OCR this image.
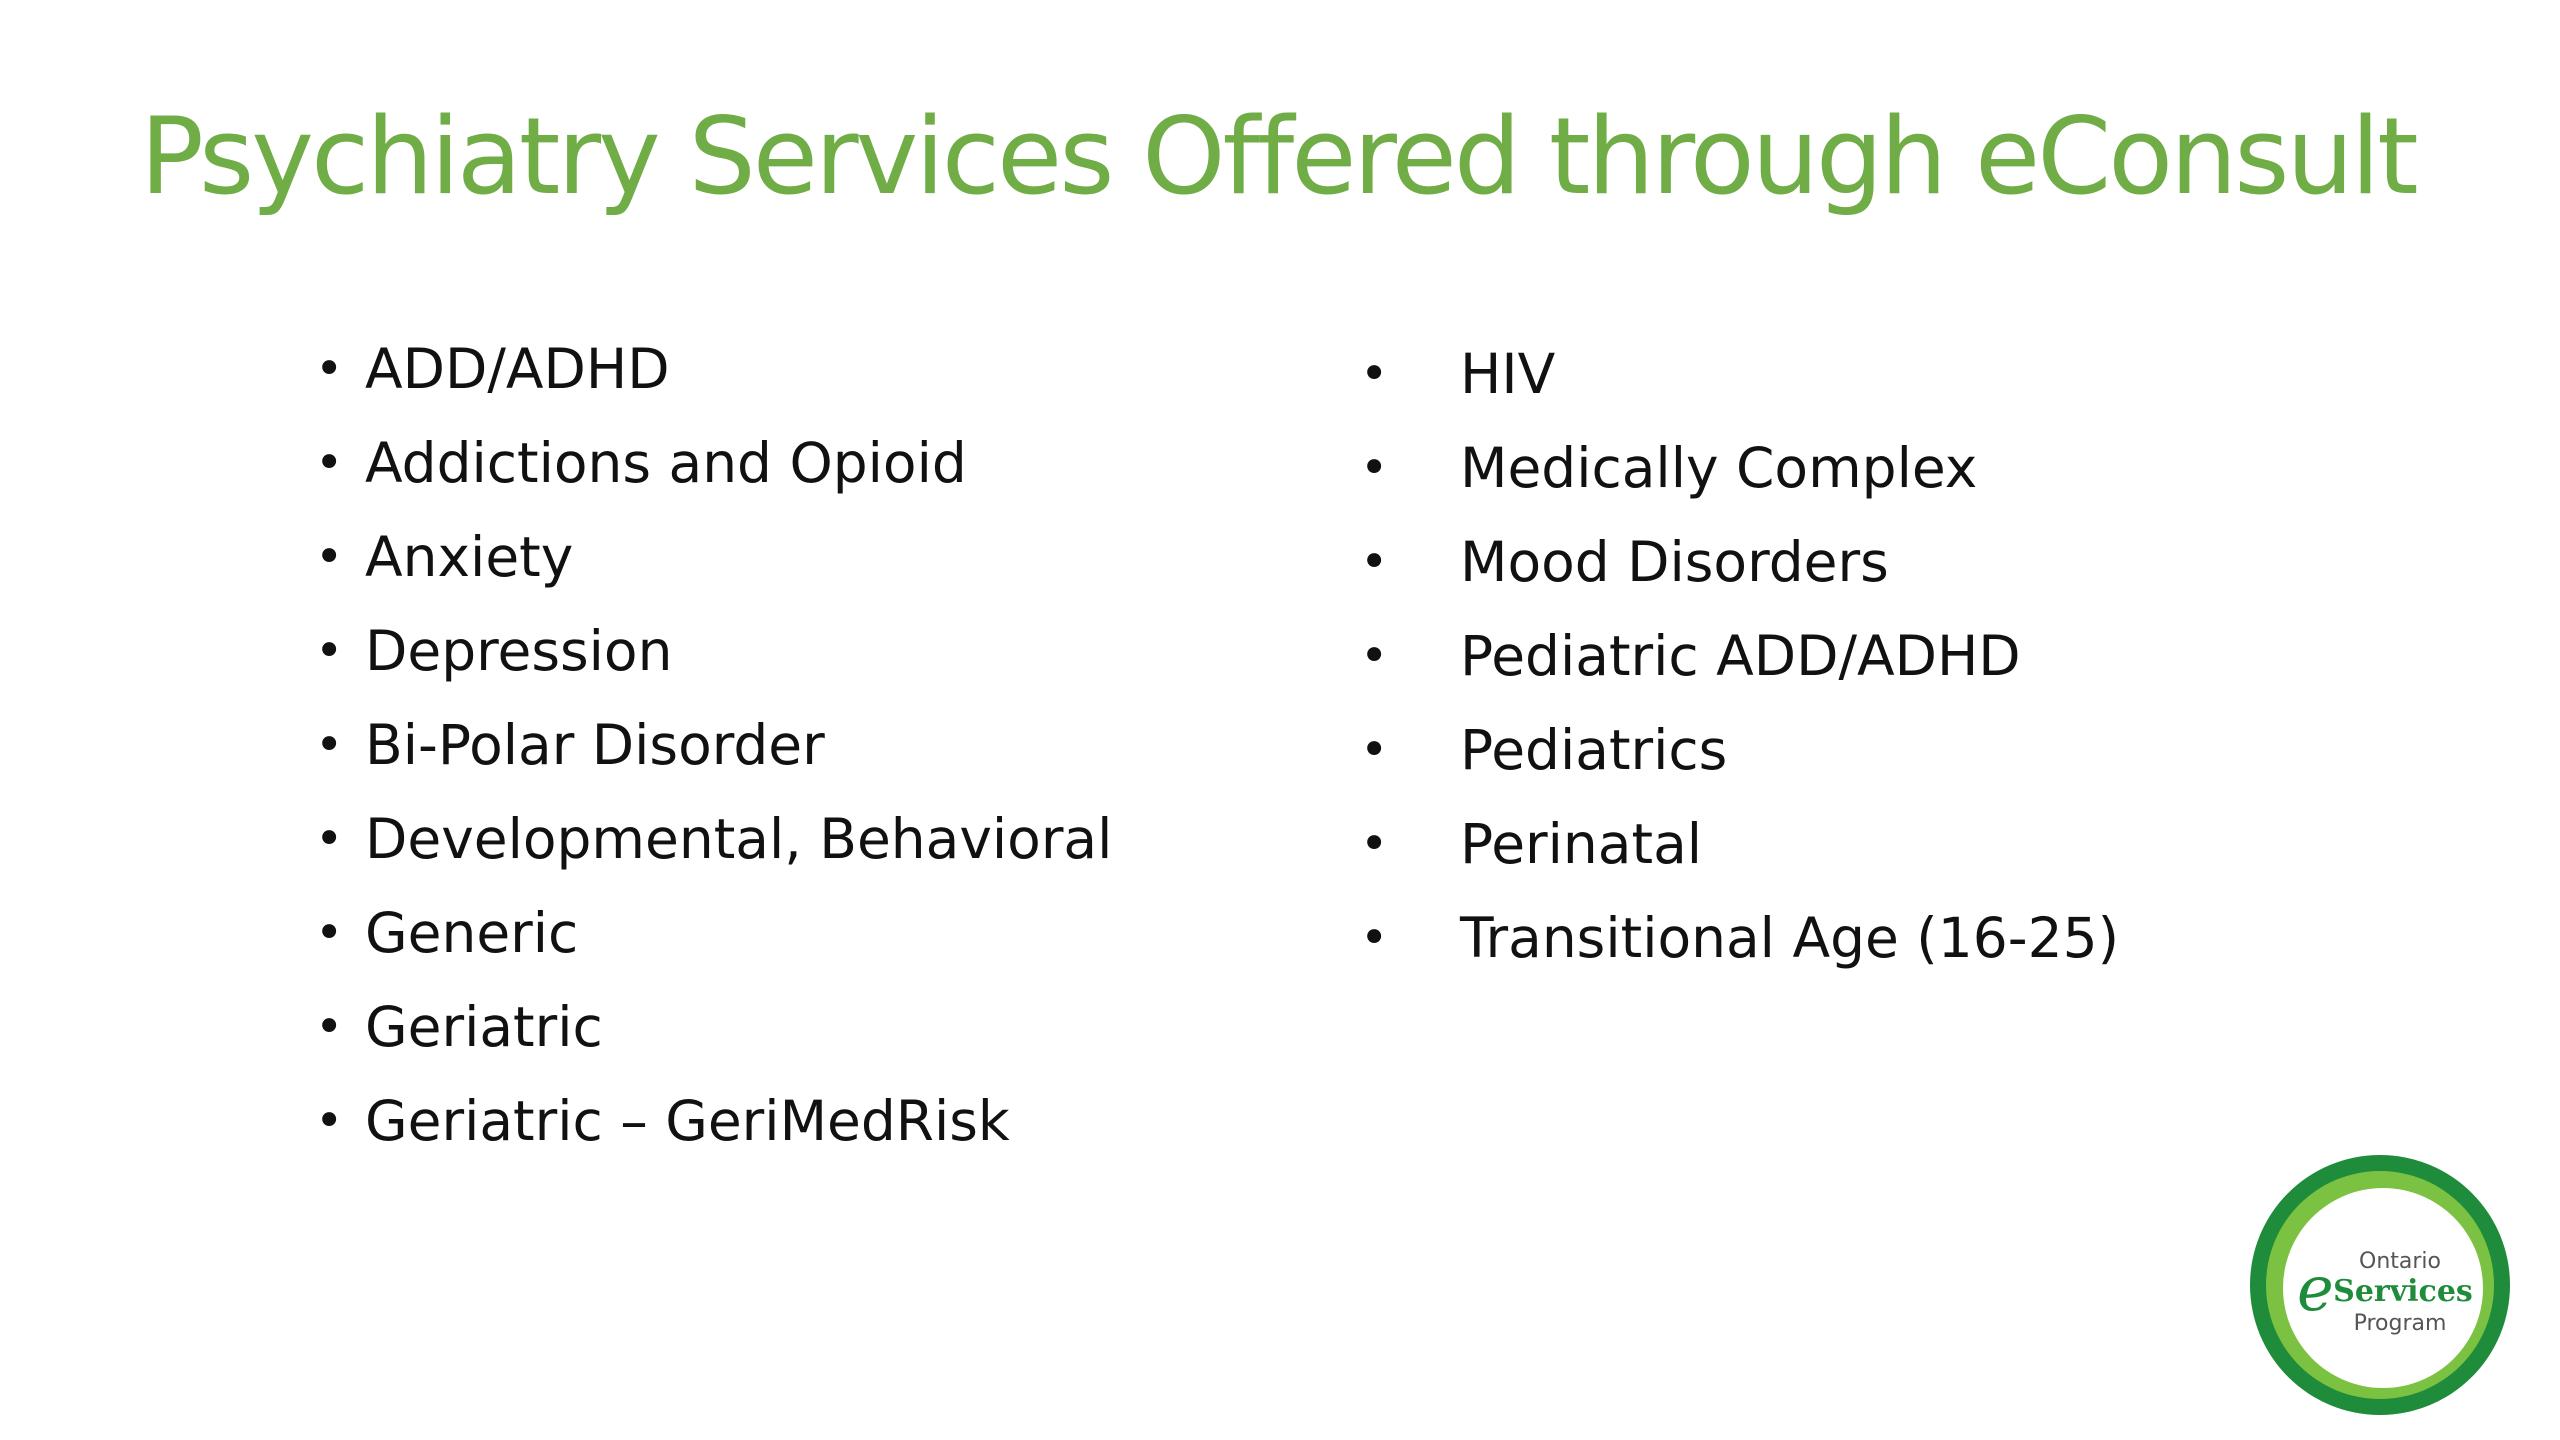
Psychiatry Services Offered through eConsult
• ADD/ADHD
• Addictions and Opioid
• Anxiety
• Depression
• Bi-Polar Disorder
• Developmental, Behavioral
• Generic
• Geriatric
• Geriatric – GeriMedRisk
• HIV
• Medically Complex
• Mood Disorders
• Pediatric ADD/ADHD
• Pediatrics
• Perinatal
• Transitional Age (16-25)
Ontario
e Services
Program
